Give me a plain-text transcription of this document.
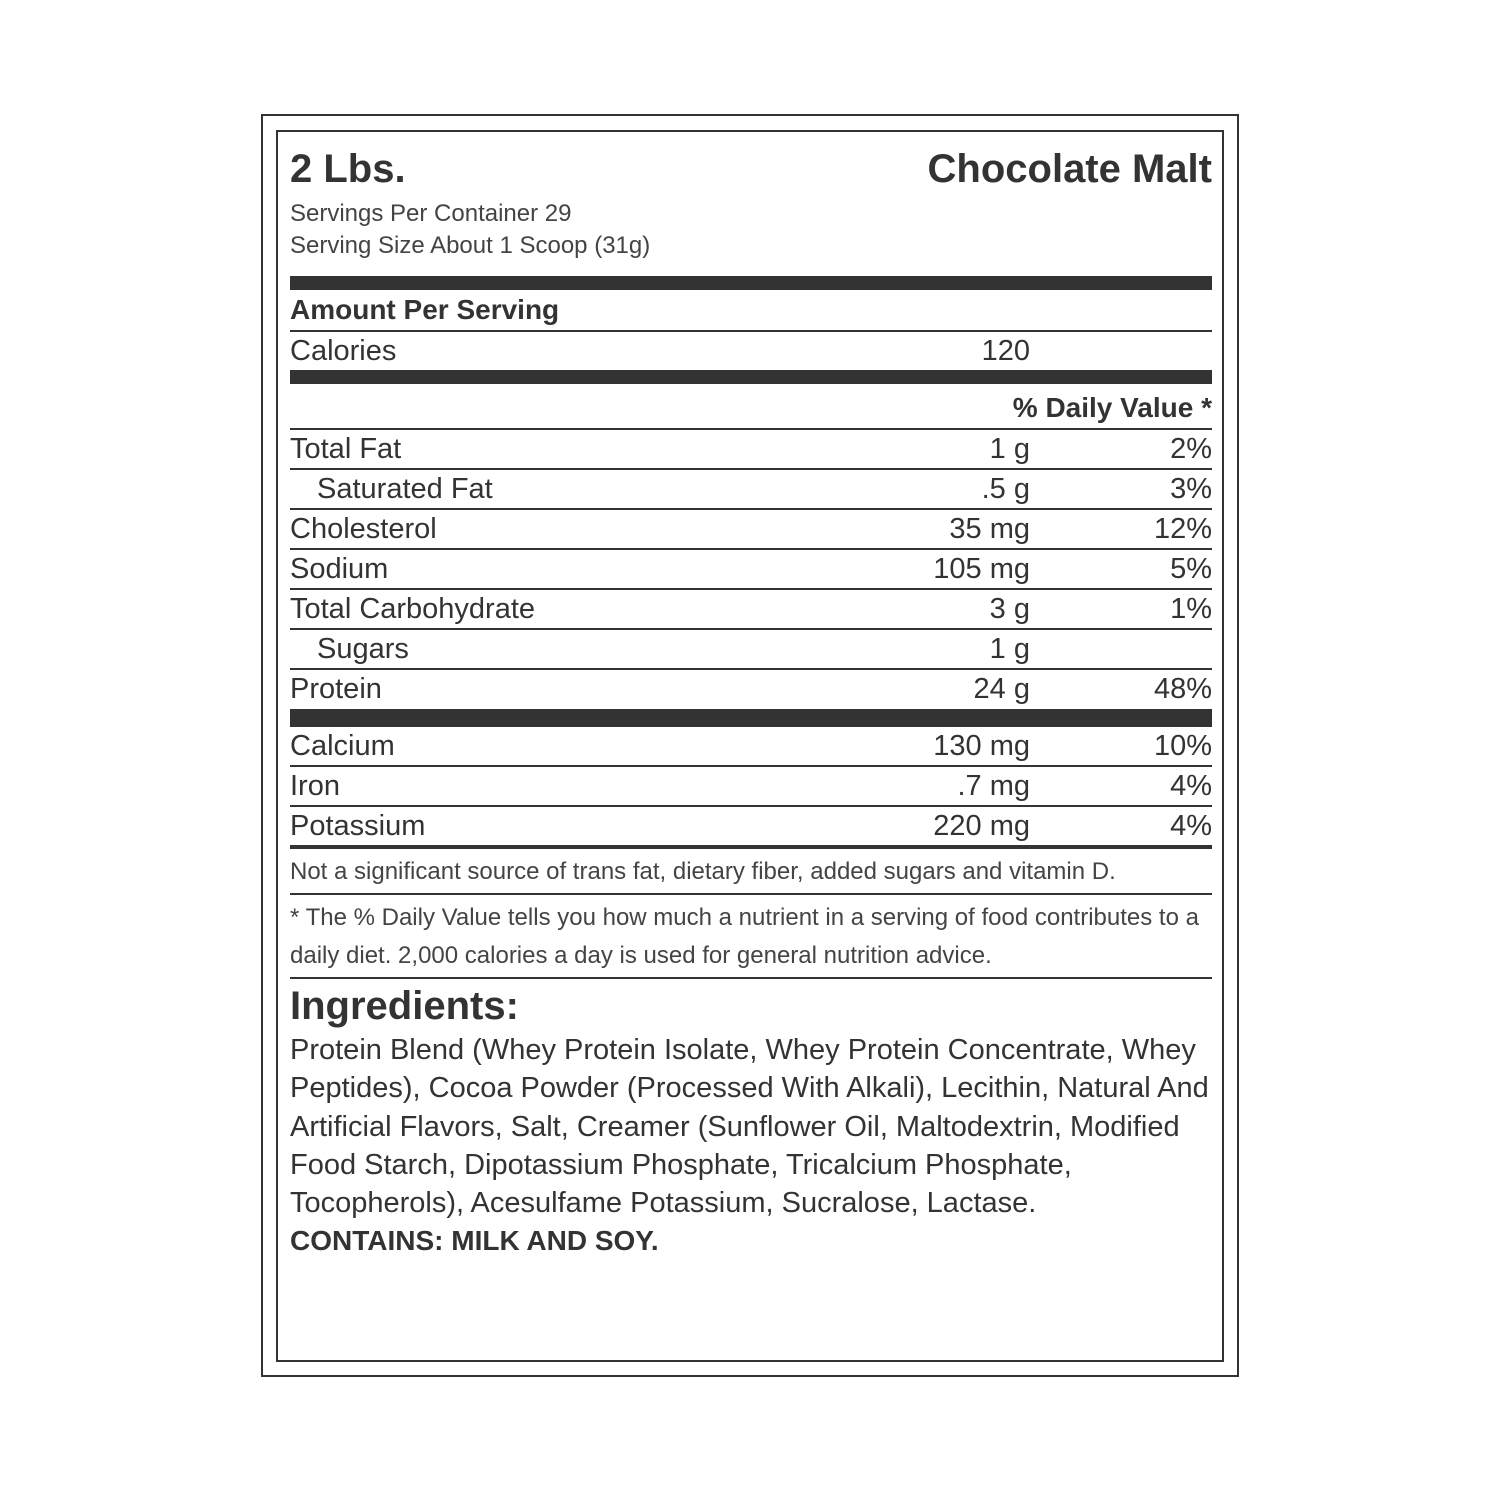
2 Lbs.	Chocolate Malt
Servings Per Container 29
Serving Size About 1 Scoop (31g)
Amount Per Serving
Calories	120
% Daily Value *
Total Fat	1 g	2%
Saturated Fat	.5 g	3%
Cholesterol	35 mg	12%
Sodium	105 mg	5%
Total Carbohydrate	3 g	1%
Sugars	1 g
Protein	24 g	48%
Calcium	130 mg	10%
Iron	.7 mg	4%
Potassium	220 mg	4%
Not a significant source of trans fat, dietary fiber, added sugars and vitamin D.
* The % Daily Value tells you how much a nutrient in a serving of food contributes to a daily diet. 2,000 calories a day is used for general nutrition advice.
Ingredients:
Protein Blend (Whey Protein Isolate, Whey Protein Concentrate, Whey Peptides), Cocoa Powder (Processed With Alkali), Lecithin, Natural And Artificial Flavors, Salt, Creamer (Sunflower Oil, Maltodextrin, Modified Food Starch, Dipotassium Phosphate, Tricalcium Phosphate, Tocopherols), Acesulfame Potassium, Sucralose, Lactase.
CONTAINS: MILK AND SOY.
